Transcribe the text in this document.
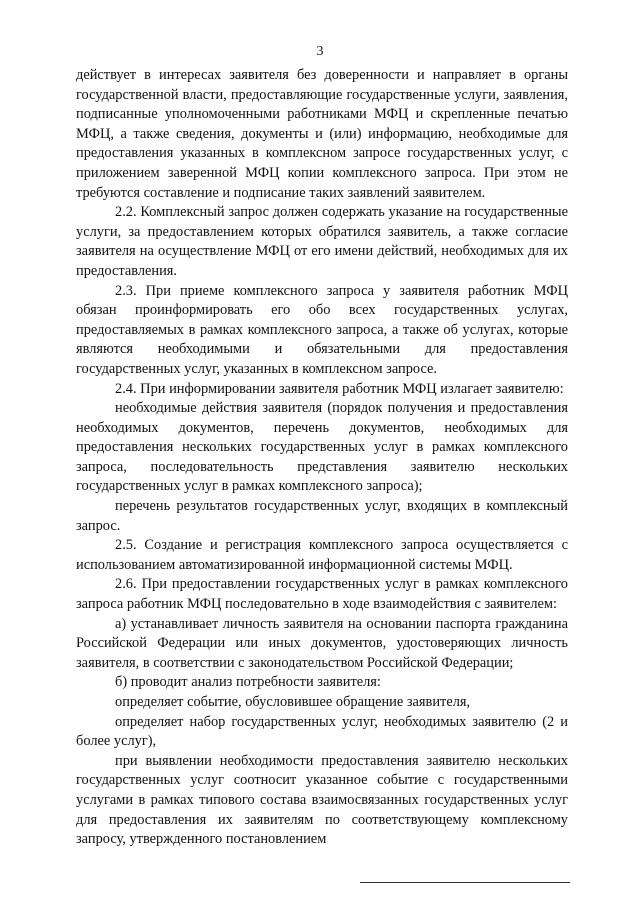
3

действует в интересах заявителя без доверенности и направляет в органы государственной власти, предоставляющие государственные услуги, заявления, подписанные уполномоченными работниками МФЦ и скрепленные печатью МФЦ, а также сведения, документы и (или) информацию, необходимые для предоставления указанных в комплексном запросе государственных услуг, с приложением заверенной МФЦ копии комплексного запроса. При этом не требуются составление и подписание таких заявлений заявителем.

2.2. Комплексный запрос должен содержать указание на государственные услуги, за предоставлением которых обратился заявитель, а также согласие заявителя на осуществление МФЦ от его имени действий, необходимых для их предоставления.

2.3. При приеме комплексного запроса у заявителя работник МФЦ обязан проинформировать его обо всех государственных услугах, предоставляемых в рамках комплексного запроса, а также об услугах, которые являются необходимыми и обязательными для предоставления государственных услуг, указанных в комплексном запросе.

2.4. При информировании заявителя работник МФЦ излагает заявителю:

необходимые действия заявителя (порядок получения и предоставления необходимых документов, перечень документов, необходимых для предоставления нескольких государственных услуг в рамках комплексного запроса, последовательность представления заявителю нескольких государственных услуг в рамках комплексного запроса);

перечень результатов государственных услуг, входящих в комплексный запрос.

2.5. Создание и регистрация комплексного запроса осуществляется с использованием автоматизированной информационной системы МФЦ.

2.6. При предоставлении государственных услуг в рамках комплексного запроса работник МФЦ последовательно в ходе взаимодействия с заявителем:

а) устанавливает личность заявителя на основании паспорта гражданина Российской Федерации или иных документов, удостоверяющих личность заявителя, в соответствии с законодательством Российской Федерации;

б) проводит анализ потребности заявителя:

определяет событие, обусловившее обращение заявителя,

определяет набор государственных услуг, необходимых заявителю (2 и более услуг),

при выявлении необходимости предоставления заявителю нескольких государственных услуг соотносит указанное событие с государственными услугами в рамках типового состава взаимосвязанных государственных услуг для предоставления их заявителям по соответствующему комплексному запросу, утвержденного постановлением
